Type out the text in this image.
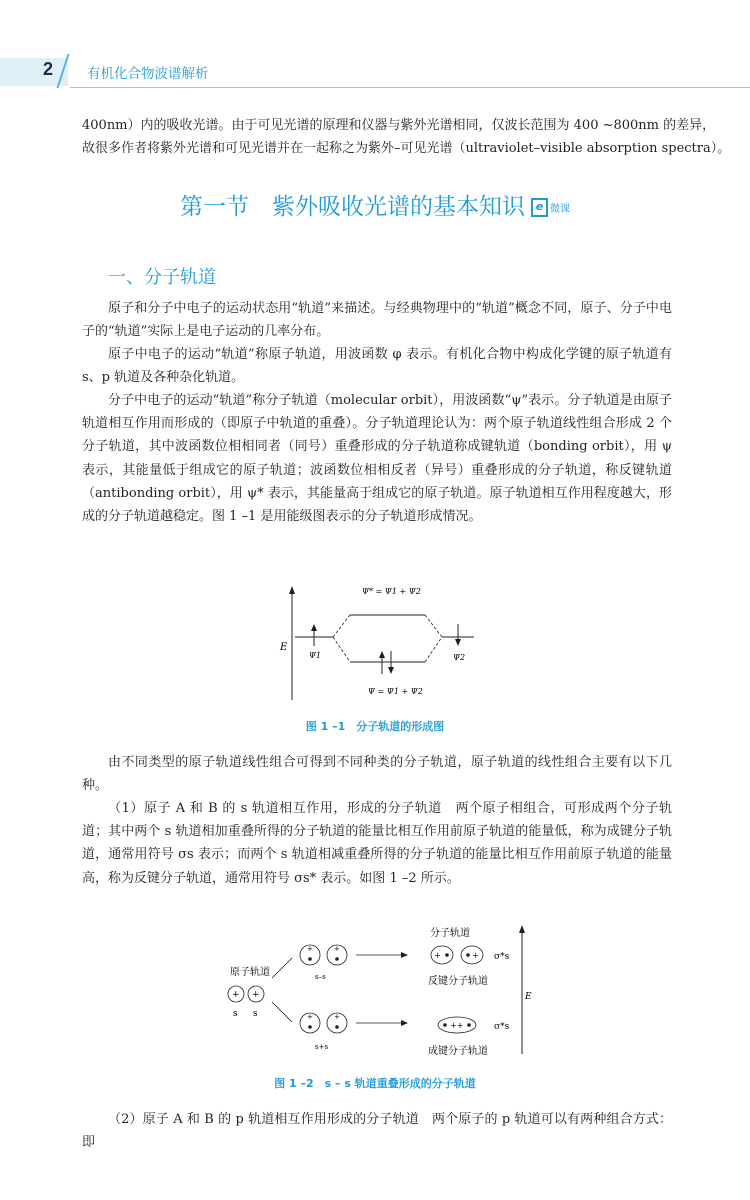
2	有机化合物波谱解析

400nm）内的吸收光谱。由于可见光谱的原理和仪器与紫外光谱相同，仅波长范围为 400 ~800nm 的差异，

故很多作者将紫外光谱和可见光谱并在一起称之为紫外–可见光谱（ultraviolet–visible absorption spectra）。

第一节　紫外吸收光谱的基本知识 e 微课
一、分子轨道

原子和分子中电子的运动状态用“轨道”来描述。与经典物理中的“轨道”概念不同，原子、分子中电子的“轨道”实际上是电子运动的几率分布。

原子中电子的运动“轨道”称原子轨道，用波函数 φ 表示。有机化合物中构成化学键的原子轨道有 s、p 轨道及各种杂化轨道。

分子中电子的运动“轨道”称分子轨道（molecular orbit），用波函数“ψ”表示。分子轨道是由原子轨道相互作用而形成的（即原子中轨道的重叠）。分子轨道理论认为：两个原子轨道线性组合形成 2 个分子轨道，其中波函数位相相同者（同号）重叠形成的分子轨道称成键轨道（bonding orbit），用 ψ 表示，其能量低于组成它的原子轨道；波函数位相相反者（异号）重叠形成的分子轨道，称反键轨道（antibonding orbit），用 ψ* 表示，其能量高于组成它的原子轨道。原子轨道相互作用程度越大，形成的分子轨道越稳定。图 1 –1 是用能级图表示的分子轨道形成情况。

E
Ψ* = Ψ1 + Ψ2
Ψ1	Ψ2
Ψ = Ψ1 + Ψ2
图 1 –1　分子轨道的形成图

由不同类型的原子轨道线性组合可得到不同种类的分子轨道，原子轨道的线性组合主要有以下几种。

（1）原子 A 和 B 的 s 轨道相互作用，形成的分子轨道　两个原子相组合，可形成两个分子轨道；其中两个 s 轨道相加重叠所得的分子轨道的能量比相互作用前原子轨道的能量低，称为成键分子轨道，通常用符号 σs 表示；而两个 s 轨道相减重叠所得的分子轨道的能量比相互作用前原子轨道的能量高，称为反键分子轨道，通常用符号 σs* 表示。如图 1 –2 所示。

E
原子轨道
+ +
s s
+	+
s–s
+	+
s+s
分子轨道
+	+ σ*s
反键分子轨道
++	σ*s
成键分子轨道
图 1 –2　s – s 轨道重叠形成的分子轨道

（2）原子 A 和 B 的 p 轨道相互作用形成的分子轨道　两个原子的 p 轨道可以有两种组合方式：即
